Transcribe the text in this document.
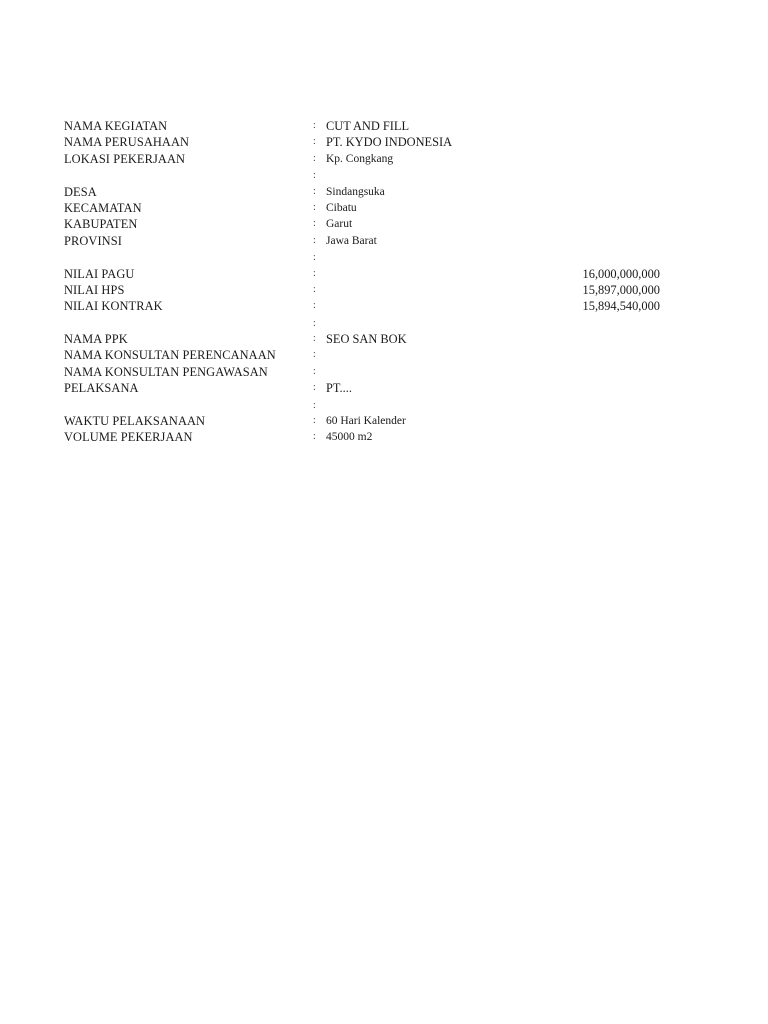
NAMA KEGIATAN	: CUT AND FILL
NAMA PERUSAHAAN	: PT. KYDO INDONESIA
LOKASI PEKERJAAN	: Kp. Congkang
:
DESA	: Sindangsuka
KECAMATAN	: Cibatu
KABUPATEN	: Garut
PROVINSI	: Jawa Barat
:
NILAI PAGU	:	16,000,000,000
NILAI HPS	:	15,897,000,000
NILAI KONTRAK	:	15,894,540,000
:
NAMA PPK	: SEO SAN BOK
NAMA KONSULTAN PERENCANAAN	:
NAMA KONSULTAN PENGAWASAN	:
PELAKSANA	: PT....
:
WAKTU PELAKSANAAN	: 60 Hari Kalender
VOLUME PEKERJAAN	: 45000 m2
